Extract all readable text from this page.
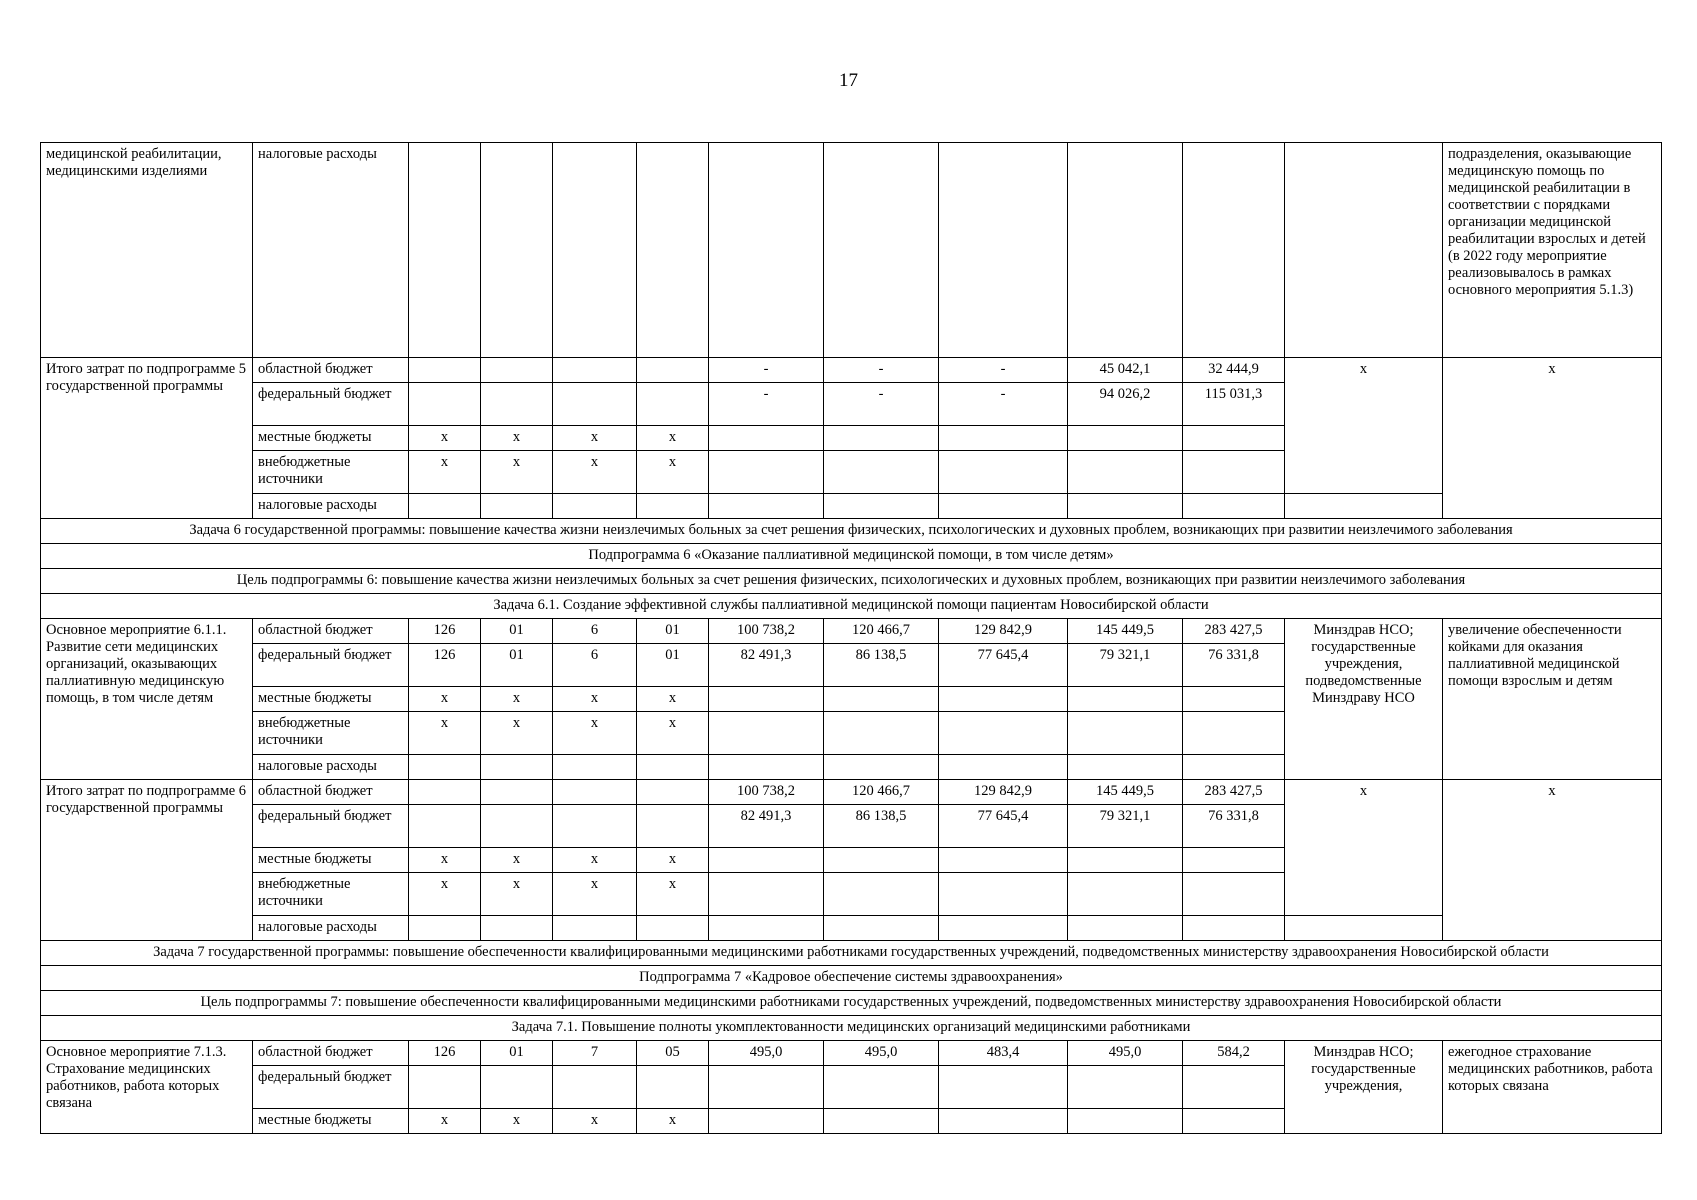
17
медицинской реабилитации, медицинскими изделиями	налоговые расходы											подразделения, оказывающие медицинскую помощь по медицинской реабилитации в соответствии с порядками организации медицинской реабилитации взрослых и детей (в 2022 году мероприятие реализовывалось в рамках основного мероприятия 5.1.3)
Итого затрат по подпрограмме 5 государственной программы	областной бюджет					-	-	-	45 042,1	32 444,9	х	х
	федеральный бюджет					-	-	-	94 026,2	115 031,3		
	местные бюджеты	х	х	х	х							
	внебюджетные источники	х	х	х	х							
	налоговые расходы											
Задача 6 государственной программы: повышение качества жизни неизлечимых больных за счет решения физических, психологических и духовных проблем, возникающих при развитии неизлечимого заболевания												
Подпрограмма 6 «Оказание паллиативной медицинской помощи, в том числе детям»												
Цель подпрограммы 6: повышение качества жизни неизлечимых больных за счет решения физических, психологических и духовных проблем, возникающих при развитии неизлечимого заболевания												
Задача 6.1. Создание эффективной службы паллиативной медицинской помощи пациентам Новосибирской области												
Основное мероприятие 6.1.1. Развитие сети медицинских организаций, оказывающих паллиативную медицинскую помощь, в том числе детям	областной бюджет	126	01	6	01	100 738,2	120 466,7	129 842,9	145 449,5	283 427,5	Минздрав НСО; государственные учреждения, подведомственные Минздраву НСО	увеличение обеспеченности койками для оказания паллиативной медицинской помощи взрослым и детям
	федеральный бюджет	126	01	6	01	82 491,3	86 138,5	77 645,4	79 321,1	76 331,8		
	местные бюджеты	х	х	х	х							
	внебюджетные источники	х	х	х	х							
	налоговые расходы											
Итого затрат по подпрограмме 6 государственной программы	областной бюджет					100 738,2	120 466,7	129 842,9	145 449,5	283 427,5	х	х
	федеральный бюджет					82 491,3	86 138,5	77 645,4	79 321,1	76 331,8		
	местные бюджеты	х	х	х	х							
	внебюджетные источники	х	х	х	х							
	налоговые расходы											
Задача 7 государственной программы: повышение обеспеченности квалифицированными медицинскими работниками государственных учреждений, подведомственных министерству здравоохранения Новосибирской области												
Подпрограмма 7 «Кадровое обеспечение системы здравоохранения»												
Цель подпрограммы 7: повышение обеспеченности квалифицированными медицинскими работниками государственных учреждений, подведомственных министерству здравоохранения Новосибирской области												
Задача 7.1. Повышение полноты укомплектованности медицинских организаций медицинскими работниками												
Основное мероприятие 7.1.3. Страхование медицинских работников, работа которых связана	областной бюджет	126	01	7	05	495,0	495,0	483,4	495,0	584,2	Минздрав НСО; государственные учреждения,	ежегодное страхование медицинских работников, работа которых связана
	федеральный бюджет											
	местные бюджеты	х	х	х	х							
